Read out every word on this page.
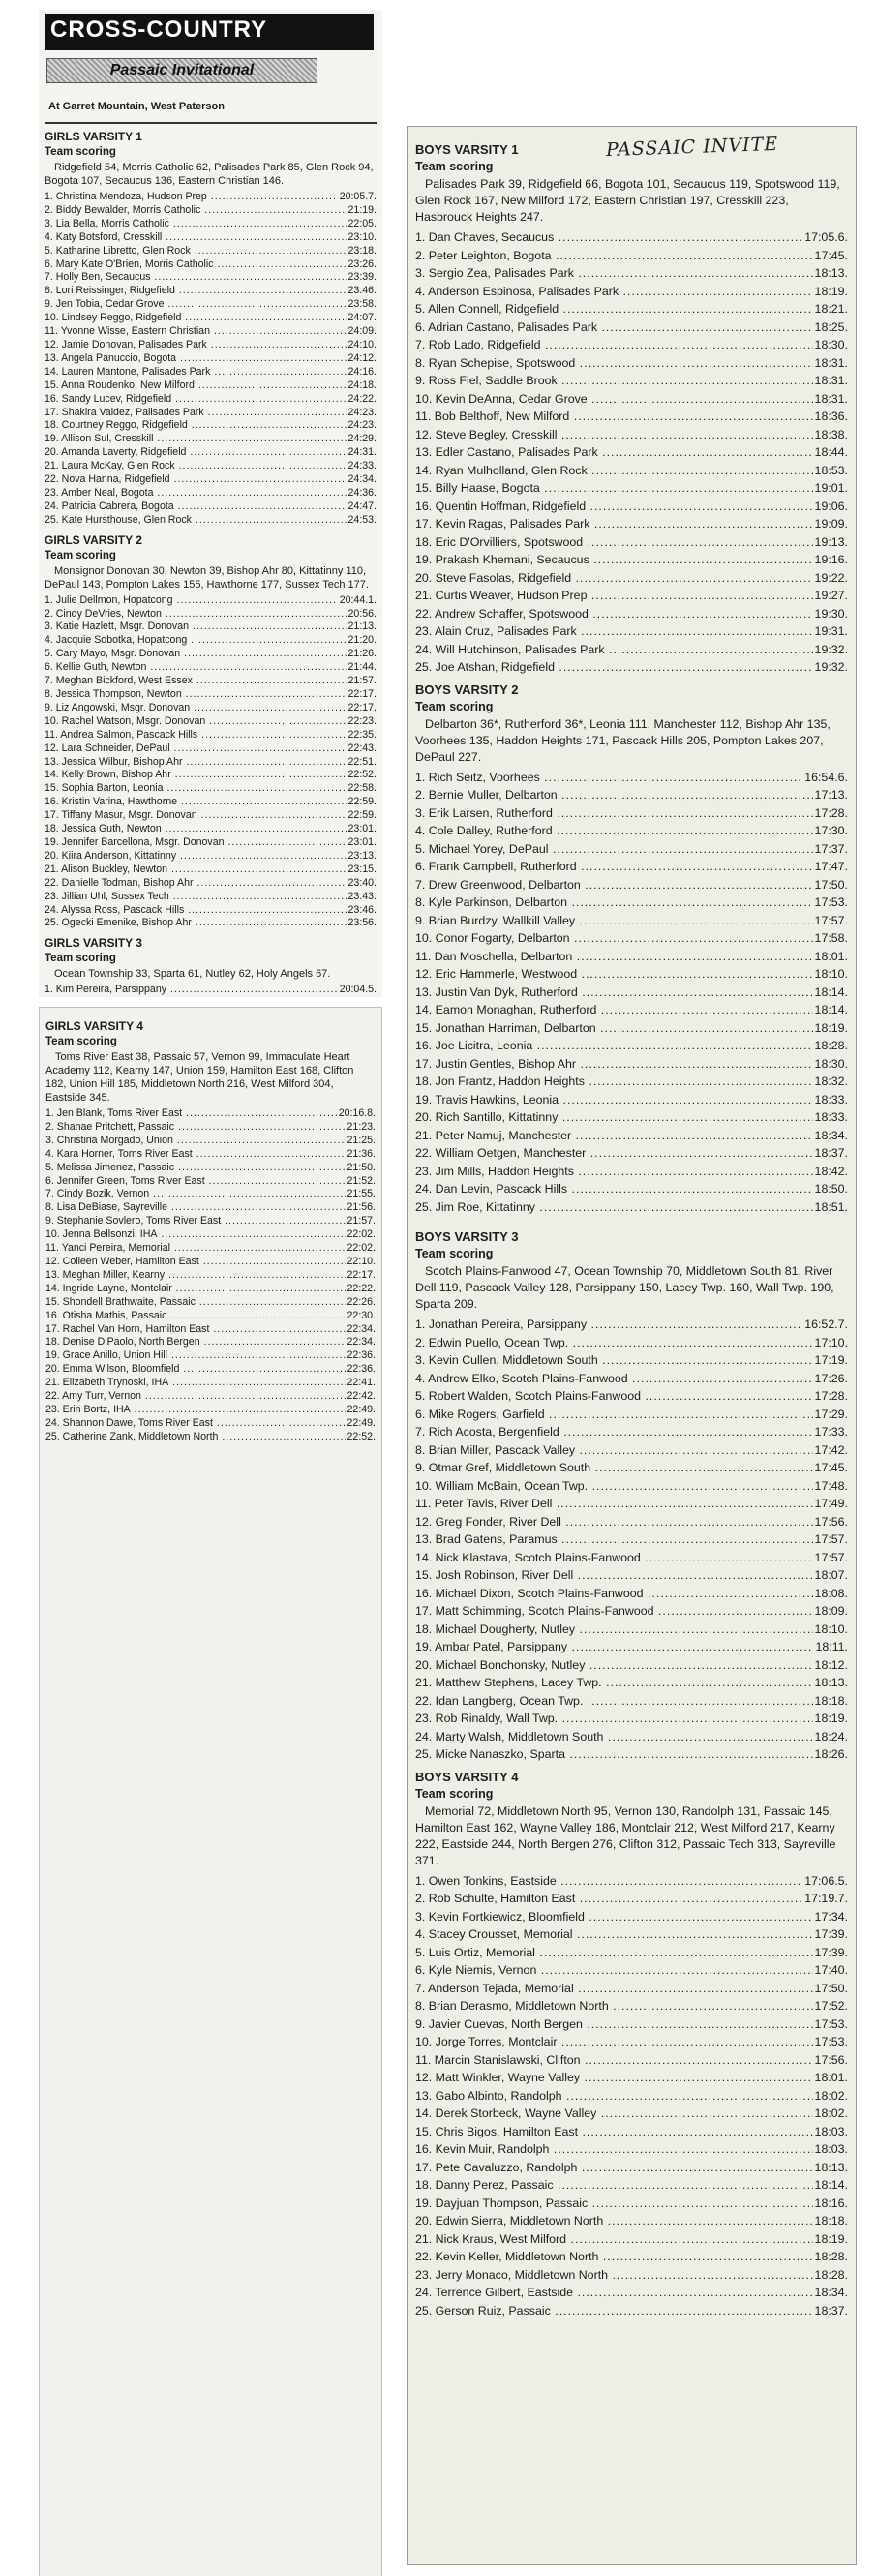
CROSS-COUNTRY
Passaic Invitational
At Garret Mountain, West Paterson
GIRLS VARSITY 1
Team scoring
Ridgefield 54, Morris Catholic 62, Palisades Park 85, Glen Rock 94, Bogota 107, Secaucus 136, Eastern Christian 146.
1. Christina Mendoza, Hudson Prep .....	20:05.7.
2. Biddy Bewalder, Morris Catholic .....	21:19.
3. Lia Bella, Morris Catholic .....	22:05.
4. Katy Botsford, Cresskill .....	23:10.
5. Katharine Libretto, Glen Rock .....	23:18.
6. Mary Kate O'Brien, Morris Catholic .....	23:26.
7. Holly Ben, Secaucus .....	23:39.
8. Lori Reissinger, Ridgefield .....	23:46.
9. Jen Tobia, Cedar Grove .....	23:58.
10. Lindsey Reggo, Ridgefield .....	24:07.
11. Yvonne Wisse, Eastern Christian .....	24:09.
12. Jamie Donovan, Palisades Park .....	24:10.
13. Angela Panuccio, Bogota .....	24:12.
14. Lauren Mantone, Palisades Park .....	24:16.
15. Anna Roudenko, New Milford .....	24:18.
16. Sandy Lucev, Ridgefield .....	24:22.
17. Shakira Valdez, Palisades Park .....	24:23.
18. Courtney Reggo, Ridgefield .....	24:23.
19. Allison Sul, Cresskill .....	24:29.
20. Amanda Laverty, Ridgefield .....	24:31.
21. Laura McKay, Glen Rock .....	24:33.
22. Nova Hanna, Ridgefield .....	24:34.
23. Amber Neal, Bogota .....	24:36.
24. Patricia Cabrera, Bogota .....	24:47.
25. Kate Hursthouse, Glen Rock .....	24:53.
GIRLS VARSITY 2
Team scoring
Monsignor Donovan 30, Newton 39, Bishop Ahr 80, Kittatinny 110, DePaul 143, Pompton Lakes 155, Hawthorne 177, Sussex Tech 177.
1. Julie Dellmon, Hopatcong .....	20:44.1.
2. Cindy DeVries, Newton .....	20:56.
3. Katie Hazlett, Msgr. Donovan .....	21:13.
4. Jacquie Sobotka, Hopatcong .....	21:20.
5. Cary Mayo, Msgr. Donovan .....	21:26.
6. Kellie Guth, Newton .....	21:44.
7. Meghan Bickford, West Essex .....	21:57.
8. Jessica Thompson, Newton .....	22:17.
9. Liz Angowski, Msgr. Donovan .....	22:17.
10. Rachel Watson, Msgr. Donovan .....	22:23.
11. Andrea Salmon, Pascack Hills .....	22:35.
12. Lara Schneider, DePaul .....	22:43.
13. Jessica Wilbur, Bishop Ahr .....	22:51.
14. Kelly Brown, Bishop Ahr .....	22:52.
15. Sophia Barton, Leonia .....	22:58.
16. Kristin Varina, Hawthorne .....	22:59.
17. Tiffany Masur, Msgr. Donovan .....	22:59.
18. Jessica Guth, Newton .....	23:01.
19. Jennifer Barcellona, Msgr. Donovan .....	23:01.
20. Kiira Anderson, Kittatinny .....	23:13.
21. Alison Buckley, Newton .....	23:15.
22. Danielle Todman, Bishop Ahr .....	23:40.
23. Jillian Uhl, Sussex Tech .....	23:43.
24. Alyssa Ross, Pascack Hills .....	23:46.
25. Ogecki Emenike, Bishop Ahr .....	23:56.
GIRLS VARSITY 3
Team scoring
Ocean Township 33, Sparta 61, Nutley 62, Holy Angels 67.
1. Kim Pereira, Parsippany .....	20:04.5.
GIRLS VARSITY 4
Team scoring
Toms River East 38, Passaic 57, Vernon 99, Immaculate Heart Academy 112, Kearny 147, Union 159, Hamilton East 168, Clifton 182, Union Hill 185, Middletown North 216, West Milford 304, Eastside 345.
1. Jen Blank, Toms River East .....	20:16.8.
2. Shanae Pritchett, Passaic .....	21:23.
3. Christina Morgado, Union .....	21:25.
4. Kara Horner, Toms River East .....	21:36.
5. Melissa Jimenez, Passaic .....	21:50.
6. Jennifer Green, Toms River East .....	21:52.
7. Cindy Bozik, Vernon .....	21:55.
8. Lisa DeBiase, Sayreville .....	21:56.
9. Stephanie Sovlero, Toms River East .....	21:57.
10. Jenna Bellsonzi, IHA .....	22:02.
11. Yanci Pereira, Memorial .....	22:02.
12. Colleen Weber, Hamilton East .....	22:10.
13. Meghan Miller, Kearny .....	22:17.
14. Ingride Layne, Montclair .....	22:22.
15. Shondell Brathwaite, Passaic .....	22:26.
16. Otisha Mathis, Passaic .....	22:30.
17. Rachel Van Horn, Hamilton East .....	22:34.
18. Denise DiPaolo, North Bergen .....	22:34.
19. Grace Anillo, Union Hill .....	22:36.
20. Emma Wilson, Bloomfield .....	22:36.
21. Elizabeth Trynoski, IHA .....	22:41.
22. Amy Turr, Vernon .....	22:42.
23. Erin Bortz, IHA .....	22:49.
24. Shannon Dawe, Toms River East .....	22:49.
25. Catherine Zank, Middletown North .....	22:52.
PASSAIC INVITE
BOYS VARSITY 1
Team scoring
Palisades Park 39, Ridgefield 66, Bogota 101, Secaucus 119, Spotswood 119, Glen Rock 167, New Milford 172, Eastern Christian 197, Cresskill 223, Hasbrouck Heights 247.
1. Dan Chaves, Secaucus .....	17:05.6.
2. Peter Leighton, Bogota .....	17:45.
3. Sergio Zea, Palisades Park .....	18:13.
4. Anderson Espinosa, Palisades Park .....	18:19.
5. Allen Connell, Ridgefield .....	18:21.
6. Adrian Castano, Palisades Park .....	18:25.
7. Rob Lado, Ridgefield .....	18:30.
8. Ryan Schepise, Spotswood .....	18:31.
9. Ross Fiel, Saddle Brook .....	18:31.
10. Kevin DeAnna, Cedar Grove .....	18:31.
11. Bob Belthoff, New Milford .....	18:36.
12. Steve Begley, Cresskill .....	18:38.
13. Edler Castano, Palisades Park .....	18:44.
14. Ryan Mulholland, Glen Rock .....	18:53.
15. Billy Haase, Bogota .....	19:01.
16. Quentin Hoffman, Ridgefield .....	19:06.
17. Kevin Ragas, Palisades Park .....	19:09.
18. Eric D'Orvilliers, Spotswood .....	19:13.
19. Prakash Khemani, Secaucus .....	19:16.
20. Steve Fasolas, Ridgefield .....	19:22.
21. Curtis Weaver, Hudson Prep .....	19:27.
22. Andrew Schaffer, Spotswood .....	19:30.
23. Alain Cruz, Palisades Park .....	19:31.
24. Will Hutchinson, Palisades Park .....	19:32.
25. Joe Atshan, Ridgefield .....	19:32.
BOYS VARSITY 2
Team scoring
Delbarton 36*, Rutherford 36*, Leonia 111, Manchester 112, Bishop Ahr 135, Voorhees 135, Haddon Heights 171, Pascack Hills 205, Pompton Lakes 207, DePaul 227.
1. Rich Seitz, Voorhees .....	16:54.6.
2. Bernie Muller, Delbarton .....	17:13.
3. Erik Larsen, Rutherford .....	17:28.
4. Cole Dalley, Rutherford .....	17:30.
5. Michael Yorey, DePaul .....	17:37.
6. Frank Campbell, Rutherford .....	17:47.
7. Drew Greenwood, Delbarton .....	17:50.
8. Kyle Parkinson, Delbarton .....	17:53.
9. Brian Burdzy, Wallkill Valley .....	17:57.
10. Conor Fogarty, Delbarton .....	17:58.
11. Dan Moschella, Delbarton .....	18:01.
12. Eric Hammerle, Westwood .....	18:10.
13. Justin Van Dyk, Rutherford .....	18:14.
14. Eamon Monaghan, Rutherford .....	18:14.
15. Jonathan Harriman, Delbarton .....	18:19.
16. Joe Licitra, Leonia .....	18:28.
17. Justin Gentles, Bishop Ahr .....	18:30.
18. Jon Frantz, Haddon Heights .....	18:32.
19. Travis Hawkins, Leonia .....	18:33.
20. Rich Santillo, Kittatinny .....	18:33.
21. Peter Namuj, Manchester .....	18:34.
22. William Oetgen, Manchester .....	18:37.
23. Jim Mills, Haddon Heights .....	18:42.
24. Dan Levin, Pascack Hills .....	18:50.
25. Jim Roe, Kittatinny .....	18:51.
BOYS VARSITY 3
Team scoring
Scotch Plains-Fanwood 47, Ocean Township 70, Middletown South 81, River Dell 119, Pascack Valley 128, Parsippany 150, Lacey Twp. 160, Wall Twp. 190, Sparta 209.
1. Jonathan Pereira, Parsippany .....	16:52.7.
2. Edwin Puello, Ocean Twp. .....	17:10.
3. Kevin Cullen, Middletown South .....	17:19.
4. Andrew Elko, Scotch Plains-Fanwood .....	17:26.
5. Robert Walden, Scotch Plains-Fanwood .....	17:28.
6. Mike Rogers, Garfield .....	17:29.
7. Rich Acosta, Bergenfield .....	17:33.
8. Brian Miller, Pascack Valley .....	17:42.
9. Otmar Gref, Middletown South .....	17:45.
10. William McBain, Ocean Twp. .....	17:48.
11. Peter Tavis, River Dell .....	17:49.
12. Greg Fonder, River Dell .....	17:56.
13. Brad Gatens, Paramus .....	17:57.
14. Nick Klastava, Scotch Plains-Fanwood .....	17:57.
15. Josh Robinson, River Dell .....	18:07.
16. Michael Dixon, Scotch Plains-Fanwood .....	18:08.
17. Matt Schimming, Scotch Plains-Fanwood .....	18:09.
18. Michael Dougherty, Nutley .....	18:10.
19. Ambar Patel, Parsippany .....	18:11.
20. Michael Bonchonsky, Nutley .....	18:12.
21. Matthew Stephens, Lacey Twp. .....	18:13.
22. Idan Langberg, Ocean Twp. .....	18:18.
23. Rob Rinaldy, Wall Twp. .....	18:19.
24. Marty Walsh, Middletown South .....	18:24.
25. Micke Nanaszko, Sparta .....	18:26.
BOYS VARSITY 4
Team scoring
Memorial 72, Middletown North 95, Vernon 130, Randolph 131, Passaic 145, Hamilton East 162, Wayne Valley 186, Montclair 212, West Milford 217, Kearny 222, Eastside 244, North Bergen 276, Clifton 312, Passaic Tech 313, Sayreville 371.
1. Owen Tonkins, Eastside .....	17:06.5.
2. Rob Schulte, Hamilton East .....	17:19.7.
3. Kevin Fortkiewicz, Bloomfield .....	17:34.
4. Stacey Crousset, Memorial .....	17:39.
5. Luis Ortiz, Memorial .....	17:39.
6. Kyle Niemis, Vernon .....	17:40.
7. Anderson Tejada, Memorial .....	17:50.
8. Brian Derasmo, Middletown North .....	17:52.
9. Javier Cuevas, North Bergen .....	17:53.
10. Jorge Torres, Montclair .....	17:53.
11. Marcin Stanislawski, Clifton .....	17:56.
12. Matt Winkler, Wayne Valley .....	18:01.
13. Gabo Albinto, Randolph .....	18:02.
14. Derek Storbeck, Wayne Valley .....	18:02.
15. Chris Bigos, Hamilton East .....	18:03.
16. Kevin Muir, Randolph .....	18:03.
17. Pete Cavaluzzo, Randolph .....	18:13.
18. Danny Perez, Passaic .....	18:14.
19. Dayjuan Thompson, Passaic .....	18:16.
20. Edwin Sierra, Middletown North .....	18:18.
21. Nick Kraus, West Milford .....	18:19.
22. Kevin Keller, Middletown North .....	18:28.
23. Jerry Monaco, Middletown North .....	18:28.
24. Terrence Gilbert, Eastside .....	18:34.
25. Gerson Ruiz, Passaic .....	18:37.
